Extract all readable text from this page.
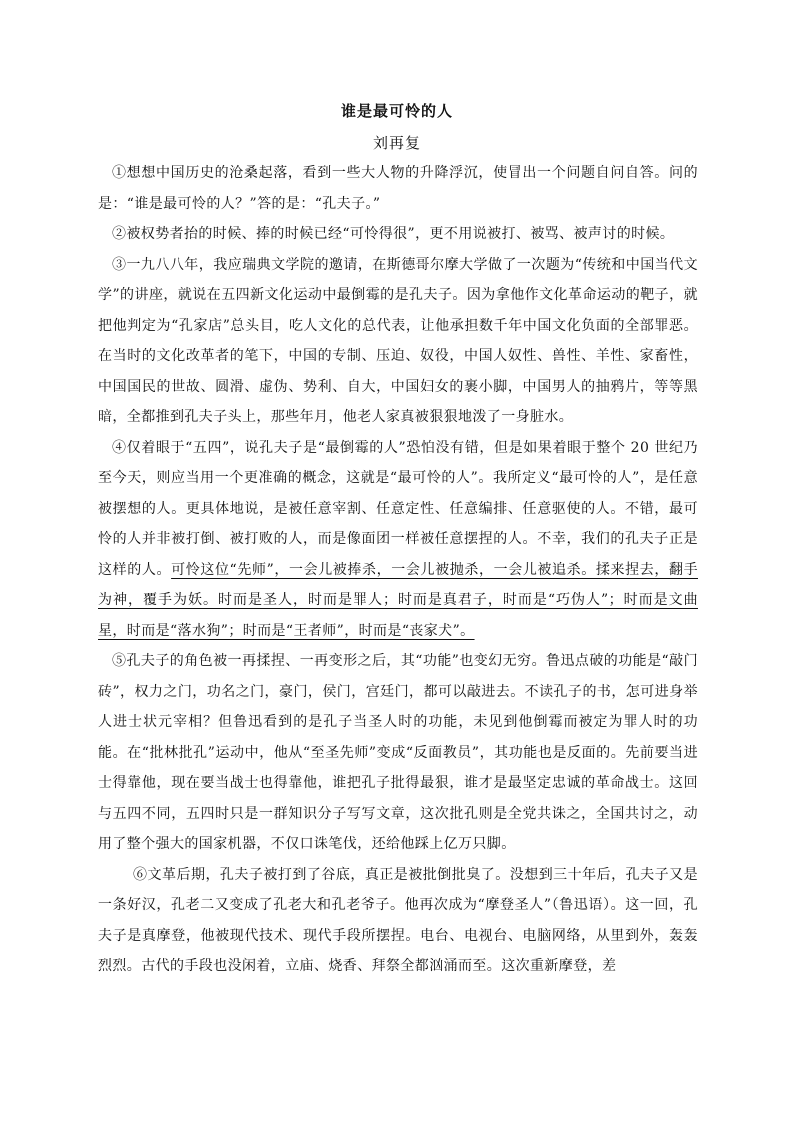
谁是最可怜的人
刘再复

①想想中国历史的沧桑起落，看到一些大人物的升降浮沉，使冒出一个问题自问自答。问的是：“谁是最可怜的人？”答的是：“孔夫子。”

②被权势者抬的时候、捧的时候已经“可怜得很”，更不用说被打、被骂、被声讨的时候。

③一九八八年，我应瑞典文学院的邀请，在斯德哥尔摩大学做了一次题为“传统和中国当代文学”的讲座，就说在五四新文化运动中最倒霉的是孔夫子。因为拿他作文化革命运动的靶子，就把他判定为“孔家店”总头目，吃人文化的总代表，让他承担数千年中国文化负面的全部罪恶。在当时的文化改革者的笔下，中国的专制、压迫、奴役，中国人奴性、兽性、羊性、家畜性，中国国民的世故、圆滑、虚伪、势利、自大，中国妇女的裹小脚，中国男人的抽鸦片，等等黑暗，全都推到孔夫子头上，那些年月，他老人家真被狠狠地泼了一身脏水。

④仅着眼于“五四”，说孔夫子是“最倒霉的人”恐怕没有错，但是如果着眼于整个 20 世纪乃至今天，则应当用一个更准确的概念，这就是“最可怜的人”。我所定义“最可怜的人”，是任意被摆想的人。更具体地说，是被任意宰割、任意定性、任意编排、任意驱使的人。不错，最可怜的人并非被打倒、被打败的人，而是像面团一样被任意摆捏的人。不幸，我们的孔夫子正是这样的人。可怜这位“先师”，一会儿被捧杀，一会儿被抛杀，一会儿被追杀。揉来捏去，翻手为神，覆手为妖。时而是圣人，时而是罪人；时而是真君子，时而是“巧伪人”；时而是文曲星，时而是“落水狗”；时而是“王者师”，时而是“丧家犬”。

⑤孔夫子的角色被一再揉捏、一再变形之后，其“功能”也变幻无穷。鲁迅点破的功能是“敲门砖”，权力之门，功名之门，豪门，侯门，宫廷门，都可以敲进去。不读孔子的书，怎可进身举人进士状元宰相？但鲁迅看到的是孔子当圣人时的功能，未见到他倒霉而被定为罪人时的功能。在“批林批孔”运动中，他从“至圣先师”变成“反面教员”，其功能也是反面的。先前要当进士得靠他，现在要当战士也得靠他，谁把孔子批得最狠，谁才是最坚定忠诚的革命战士。这回与五四不同，五四时只是一群知识分子写写文章，这次批孔则是全党共诛之，全国共讨之，动用了整个强大的国家机器，不仅口诛笔伐，还给他踩上亿万只脚。

⑥文革后期，孔夫子被打到了谷底，真正是被批倒批臭了。没想到三十年后，孔夫子又是一条好汉，孔老二又变成了孔老大和孔老爷子。他再次成为“摩登圣人”（鲁迅语）。这一回，孔夫子是真摩登，他被现代技术、现代手段所摆捏。电台、电视台、电脑网络，从里到外，轰轰烈烈。古代的手段也没闲着，立庙、烧香、拜祭全都汹涌而至。这次重新摩登，差
